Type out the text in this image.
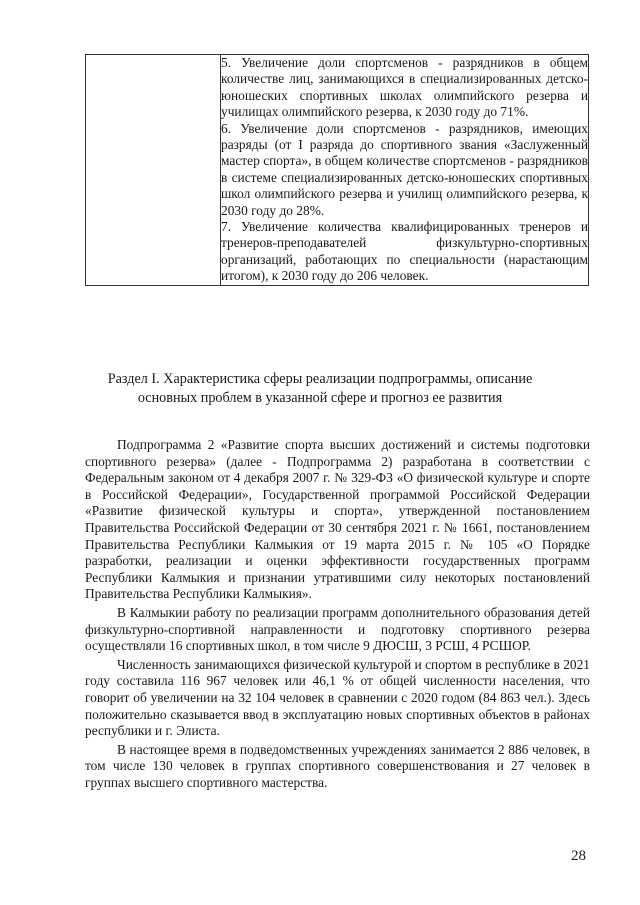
5. Увеличение доли спортсменов - разрядников в общем количестве лиц, занимающихся в специализированных детско-юношеских спортивных школах олимпийского резерва и училищах олимпийского резерва, к 2030 году до 71%.

6. Увеличение доли спортсменов - разрядников, имеющих разряды (от I разряда до спортивного звания «Заслуженный мастер спорта», в общем количестве спортсменов - разрядников в системе специализированных детско-юношеских спортивных школ олимпийского резерва и училищ олимпийского резерва, к 2030 году до 28%.

7. Увеличение количества квалифицированных тренеров и тренеров-преподавателей физкультурно-спортивных организаций, работающих по специальности (нарастающим итогом), к 2030 году до 206 человек.

Раздел I. Характеристика сферы реализации подпрограммы, описание

основных проблем в указанной сфере и прогноз ее развития

Подпрограмма 2 «Развитие спорта высших достижений и системы подготовки спортивного резерва» (далее - Подпрограмма 2) разработана в соответствии с Федеральным законом от 4 декабря 2007 г. № 329-ФЗ «О физической культуре и спорте в Российской Федерации», Государственной программой Российской Федерации «Развитие физической культуры и спорта», утвержденной постановлением Правительства Российской Федерации от 30 сентября 2021 г. № 1661, постановлением Правительства Республики Калмыкия от 19 марта 2015 г. № 105 «О Порядке разработки, реализации и оценки эффективности государственных программ Республики Калмыкия и признании утратившими силу некоторых постановлений Правительства Республики Калмыкия».

В Калмыкии работу по реализации программ дополнительного образования детей физкультурно-спортивной направленности и подготовку спортивного резерва осуществляли 16 спортивных школ, в том числе 9 ДЮСШ, 3 РСШ, 4 РСШОР.

Численность занимающихся физической культурой и спортом в республике в 2021 году составила 116 967 человек или 46,1 % от общей численности населения, что говорит об увеличении на 32 104 человек в сравнении с 2020 годом (84 863 чел.). Здесь положительно сказывается ввод в эксплуатацию новых спортивных объектов в районах республики и г. Элиста.

В настоящее время в подведомственных учреждениях занимается 2 886 человек, в том числе 130 человек в группах спортивного совершенствования и 27 человек в группах высшего спортивного мастерства.

28
